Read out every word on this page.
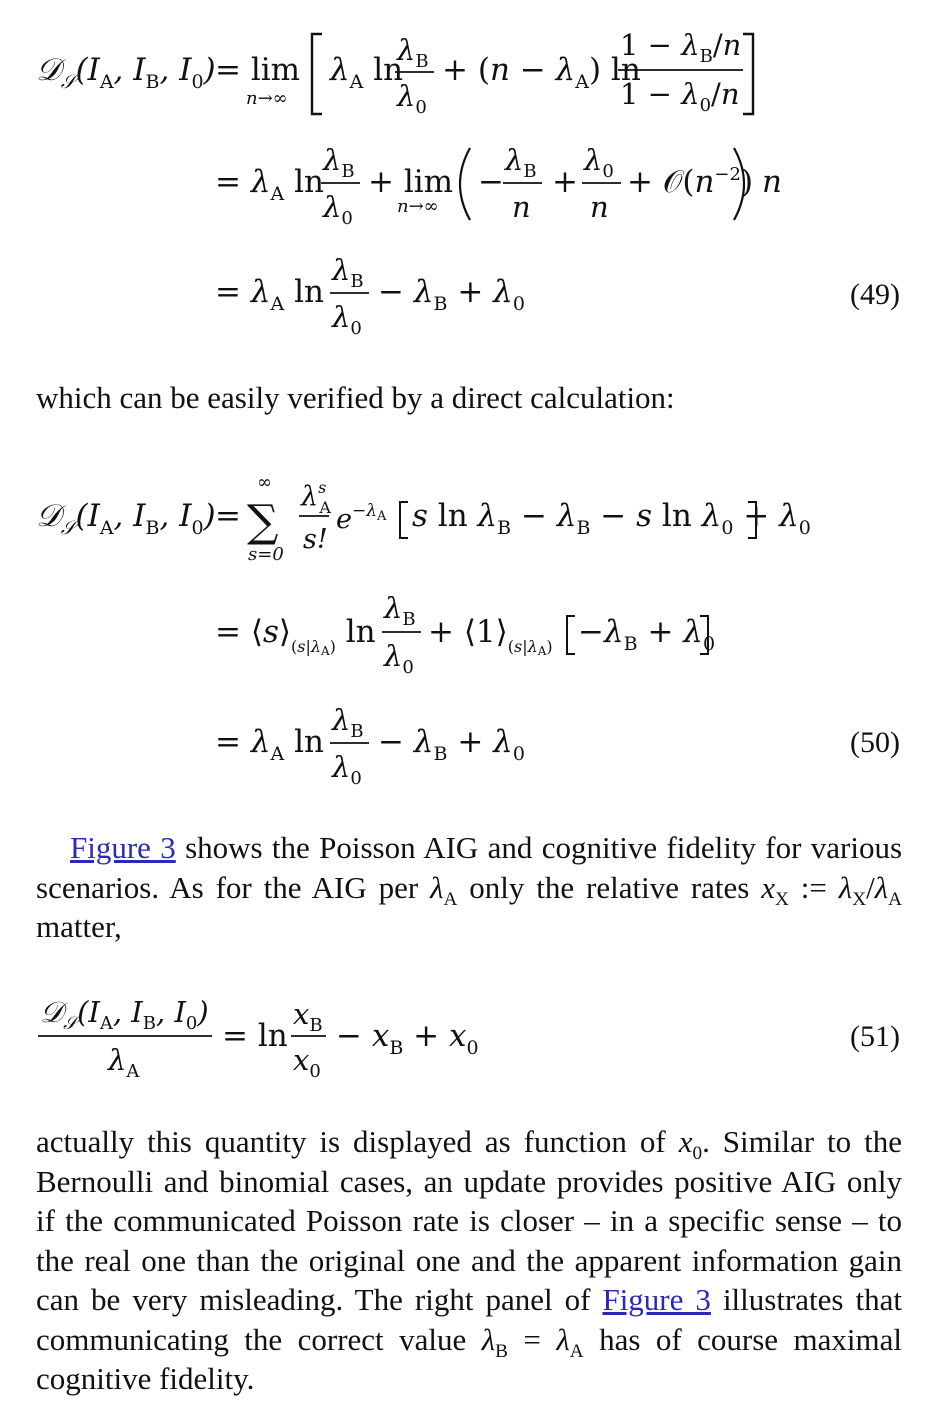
$𝒟_𝒮(I_A$, $I_B$, $I_0) = \lim$
n→∞
$\lambda_A$ ln
$\lambda_B$
$\lambda_0$
+ $(n - \lambda_A)$ ln
$1 - \lambda_B/n$
$1 - \lambda_0/n$
= $\lambda_A$ ln
$\lambda_B$
$\lambda_0$
+ lim
n→∞
−
$\lambda_B$
n
+
$\lambda_0$
n
+ $𝒪(n^{-2})$ n
= $\lambda_A$ ln
$\lambda_B$
$\lambda_0$
− $\lambda_B + \lambda_0$	(49)

which can be easily verified by a direct calculation:

$𝒟_𝒮(I_A$, $I_B$, $I_0$) =
∞
∑
s=0
$\lambda^s$ A
s!
$e^{-\lambda}A$ s $\ln \lambda_B - \lambda_B - s$ $\ln \lambda_0 + \lambda_0$
= $⟨s⟩_(s|\lambda A$) ln
$\lambda_B$
$\lambda_0$
+ $⟨1⟩_(s|\lambda A) -\lambda_B + \lambda_0$
= $\lambda_A$ ln
$\lambda_B$
$\lambda_0$
− $\lambda_B + \lambda_0$	(50)

Figure 3 shows the Poisson AIG and cognitive fidelity for various scenarios. As for the AIG per $\lambda_A$ only the relative rates $x_X$ := $\lambda_X/\lambda_A$ matter,

$𝒟_𝒮(I_A$, $I_B$, $I_0$)
$\lambda_A$
= ln
$x_B$
$x_0$
− $x_B + x_0$	(51)

actually this quantity is displayed as function of $x_0$. Similar to the Bernoulli and binomial cases, an update provides positive AIG only if the communicated Poisson rate is closer – in a specific sense – to the real one than the original one and the apparent information gain can be very misleading. The right panel of Figure 3 illustrates that communicating the correct value $\lambda_B = \lambda_A$ has of course maximal cognitive fidelity.
